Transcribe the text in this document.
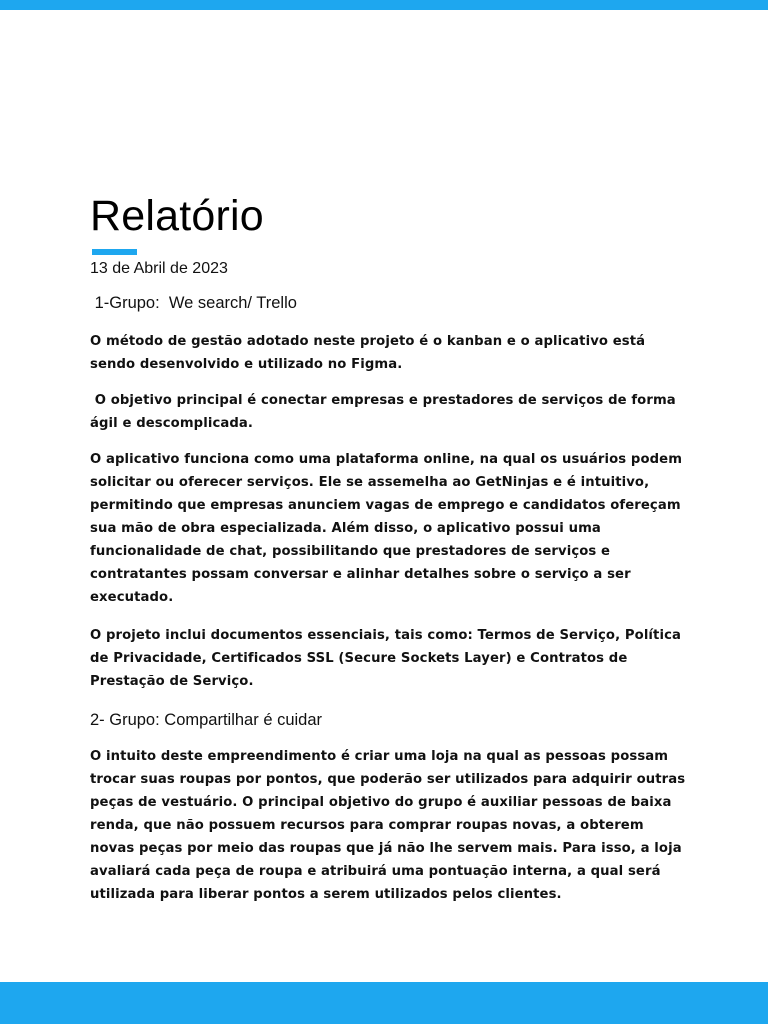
Relatório
13 de Abril de 2023
1-Grupo:  We search/ Trello

O método de gestão adotado neste projeto é o kanban e o aplicativo está sendo desenvolvido e utilizado no Figma.

O objetivo principal é conectar empresas e prestadores de serviços de forma ágil e descomplicada.

O aplicativo funciona como uma plataforma online, na qual os usuários podem solicitar ou oferecer serviços. Ele se assemelha ao GetNinjas e é intuitivo, permitindo que empresas anunciem vagas de emprego e candidatos ofereçam sua mão de obra especializada. Além disso, o aplicativo possui uma funcionalidade de chat, possibilitando que prestadores de serviços e contratantes possam conversar e alinhar detalhes sobre o serviço a ser executado.

O projeto inclui documentos essenciais, tais como: Termos de Serviço, Política de Privacidade, Certificados SSL (Secure Sockets Layer) e Contratos de Prestação de Serviço.

2- Grupo: Compartilhar é cuidar

O intuito deste empreendimento é criar uma loja na qual as pessoas possam trocar suas roupas por pontos, que poderão ser utilizados para adquirir outras peças de vestuário. O principal objetivo do grupo é auxiliar pessoas de baixa renda, que não possuem recursos para comprar roupas novas, a obterem novas peças por meio das roupas que já não lhe servem mais. Para isso, a loja avaliará cada peça de roupa e atribuirá uma pontuação interna, a qual será utilizada para liberar pontos a serem utilizados pelos clientes.
